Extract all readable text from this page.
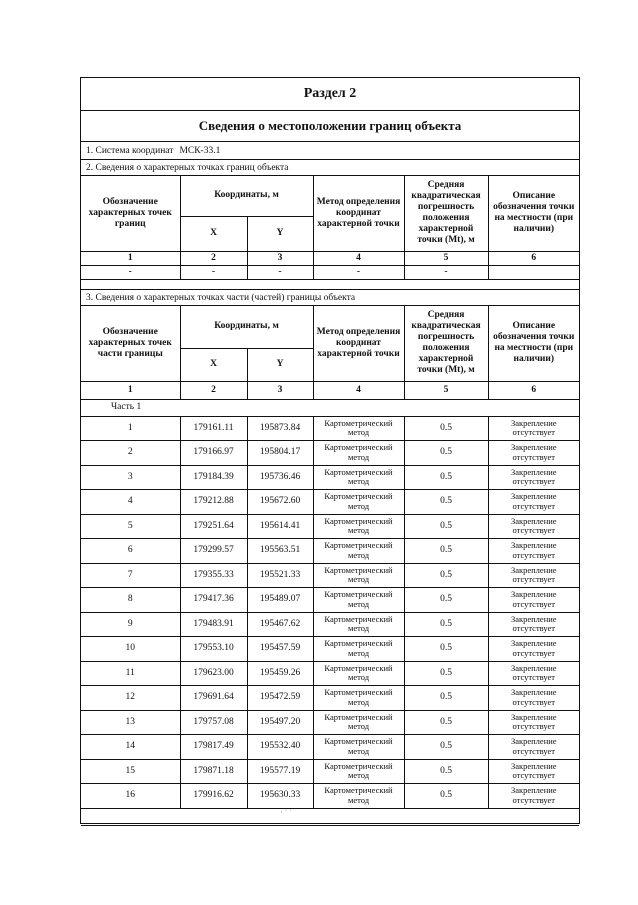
Раздел 2
Сведения о местоположении границ объекта
1. Система координат МСК-33.1
2. Сведения о характерных точках границ объекта
Обозначение характерных точек границ	Координаты, м		Метод определения координат характерной точки	Средняя квадратическая погрешность положения характерной точки (Mt), м	Описание обозначения точки на местности (при наличии)
	X	Y			
1	2	3	4	5	6
-	-	-	-	-	
3. Сведения о характерных точках части (частей) границы объекта
Обозначение характерных точек части границы	Координаты, м		Метод определения координат характерной точки	Средняя квадратическая погрешность положения характерной точки (Mt), м	Описание обозначения точки на местности (при наличии)
	X	Y			
1	2	3	4	5	6
Часть 1					
1	179161.11	195873.84	Картометрический метод	0.5	Закрепление отсутствует
2	179166.97	195804.17	Картометрический метод	0.5	Закрепление отсутствует
3	179184.39	195736.46	Картометрический метод	0.5	Закрепление отсутствует
4	179212.88	195672.60	Картометрический метод	0.5	Закрепление отсутствует
5	179251.64	195614.41	Картометрический метод	0.5	Закрепление отсутствует
6	179299.57	195563.51	Картометрический метод	0.5	Закрепление отсутствует
7	179355.33	195521.33	Картометрический метод	0.5	Закрепление отсутствует
8	179417.36	195489.07	Картометрический метод	0.5	Закрепление отсутствует
9	179483.91	195467.62	Картометрический метод	0.5	Закрепление отсутствует
10	179553.10	195457.59	Картометрический метод	0.5	Закрепление отсутствует
11	179623.00	195459.26	Картометрический метод	0.5	Закрепление отсутствует
12	179691.64	195472.59	Картометрический метод	0.5	Закрепление отсутствует
13	179757.08	195497.20	Картометрический метод	0.5	Закрепление отсутствует
14	179817.49	195532.40	Картометрический метод	0.5	Закрепление отсутствует
15	179871.18	195577.19	Картометрический метод	0.5	Закрепление отсутствует
16	179916.62	195630.33	Картометрический метод	0.5	Закрепление отсутствует

· ˙ ˙
